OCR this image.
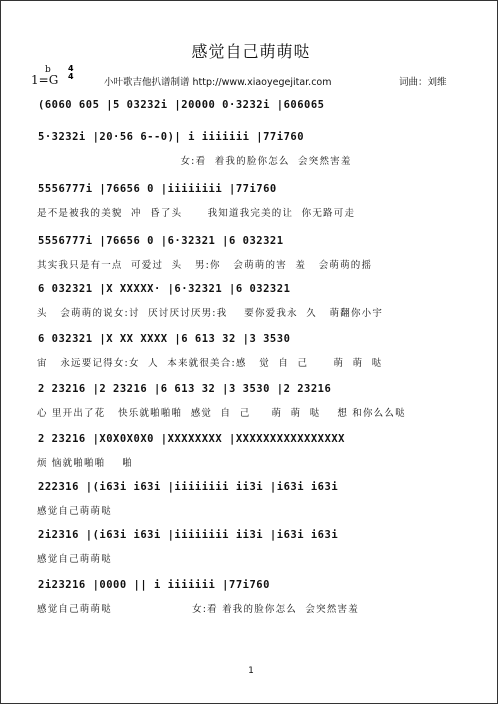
感觉自己萌萌哒
1=G
b 4
4
小叶歌吉他扒谱制谱 http://www.xiaoyegejitar.com	词曲：刘维
(6060 605 |5 03232i |20000 0·3232i |606065
5·3232i |20·56 6--0)| i iiiiiii |77i760
女:看  着我的脸你怎么  会突然害羞
5556777i |76656 0 |iiiiiiii |77i760
是不是被我的美貌  冲  昏了头      我知道我完美的让  你无路可走
5556777i |76656 0 |6·32321 |6 032321
其实我只是有一点  可爱过  头   男:你   会萌萌的害  羞   会萌萌的摇
6 032321 |X XXXXX· |6·32321 |6 032321
头   会萌萌的说女:讨  厌讨厌讨厌男:我    要你爱我永  久   萌翻你小宇
6 032321 |X XX XXXX |6 613 32 |3 3530
宙   永远要记得女:女  人  本来就很美合:感   觉  自  己      萌  萌  哒
2 23216 |2 23216 |6 613 32 |3 3530 |2 23216
心 里开出了花   快乐就啪啪啪  感觉  自  己     萌  萌  哒    想 和你么么哒
2 23216 |X0X0X0X0 |XXXXXXXX |XXXXXXXXXXXXXXXX
烦 恼就啪啪啪    啪
222316 |(i63i i63i |iiiiiiii ii3i |i63i i63i
感觉自己萌萌哒
2i2316 |(i63i i63i |iiiiiiii ii3i |i63i i63i
感觉自己萌萌哒
2i23216 |0000 || i iiiiiii |77i760
感觉自己萌萌哒                   女:看 着我的脸你怎么  会突然害羞
1
